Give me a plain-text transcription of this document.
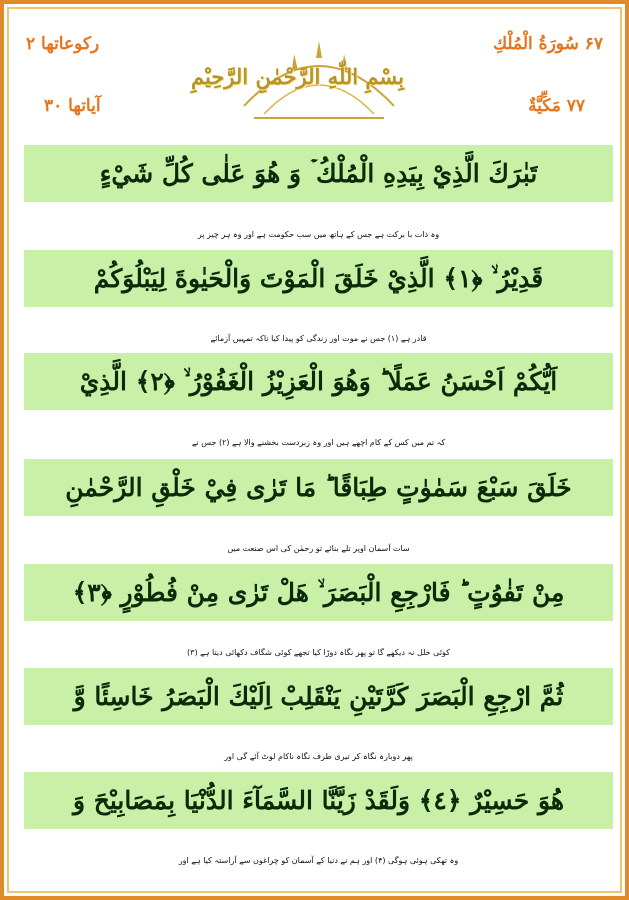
رکوعاتھا ۲
آیاتھا ۳۰
۶۷ سُورَةُ الْمُلْكِ
۷۷ مَكِّيَّةٌ
بِسْمِ اللّٰهِ الرَّحْمٰنِ الرَّحِيْمِ
تَبٰرَكَ الَّذِيْ بِيَدِهِ الْمُلْكُ ۡ وَ هُوَ عَلٰى كُلِّ شَيْءٍ
وہ ذات با برکت ہے جس کے ہاتھ میں سب حکومت ہے اور وہ ہر چیز پر
قَدِيْرُ ۙ ﴿١﴾ الَّذِيْ خَلَقَ الْمَوْتَ وَالْحَيٰوةَ لِيَبْلُوَكُمْ
قادر ہے (۱) جس نے موت اور زندگی کو پیدا کیا تاکہ تمہیں آزمائے
اَيُّكُمْ اَحْسَنُ عَمَلًا ؕ وَهُوَ الْعَزِيْزُ الْغَفُوْرُ ۙ ﴿٢﴾ الَّذِيْ
کہ تم میں کس کے کام اچھے ہیں اور وہ زبردست بخشنے والا ہے (۲) جس نے
خَلَقَ سَبْعَ سَمٰوٰتٍ طِبَاقًا ؕ مَا تَرٰى فِيْ خَلْقِ الرَّحْمٰنِ
سات آسمان اوپر تلے بنائے تو رحمٰن کی اس صنعت میں
مِنْ تَفٰوُتٍ ؕ فَارْجِعِ الْبَصَرَ ۙ هَلْ تَرٰى مِنْ فُطُوْرٍ ﴿٣﴾
کوئی خلل نہ دیکھے گا تو پھر نگاہ دوڑا کیا تجھے کوئی شگاف دکھائی دیتا ہے (۳)
ثُمَّ ارْجِعِ الْبَصَرَ كَرَّتَيْنِ يَنْقَلِبْ اِلَيْكَ الْبَصَرُ خَاسِئًا وَّ
پھر دوبارہ نگاہ کر تیری طرف نگاہ ناکام لوٹ آئے گی اور
هُوَ حَسِيْرٌ ﴿٤﴾ وَلَقَدْ زَيَّنَّا السَّمَآءَ الدُّنْيَا بِمَصَابِيْحَ وَ
وہ تھکی ہوئی ہوگی (۴) اور ہم نے دنیا کے آسمان کو چراغوں سے آراستہ کیا ہے اور
